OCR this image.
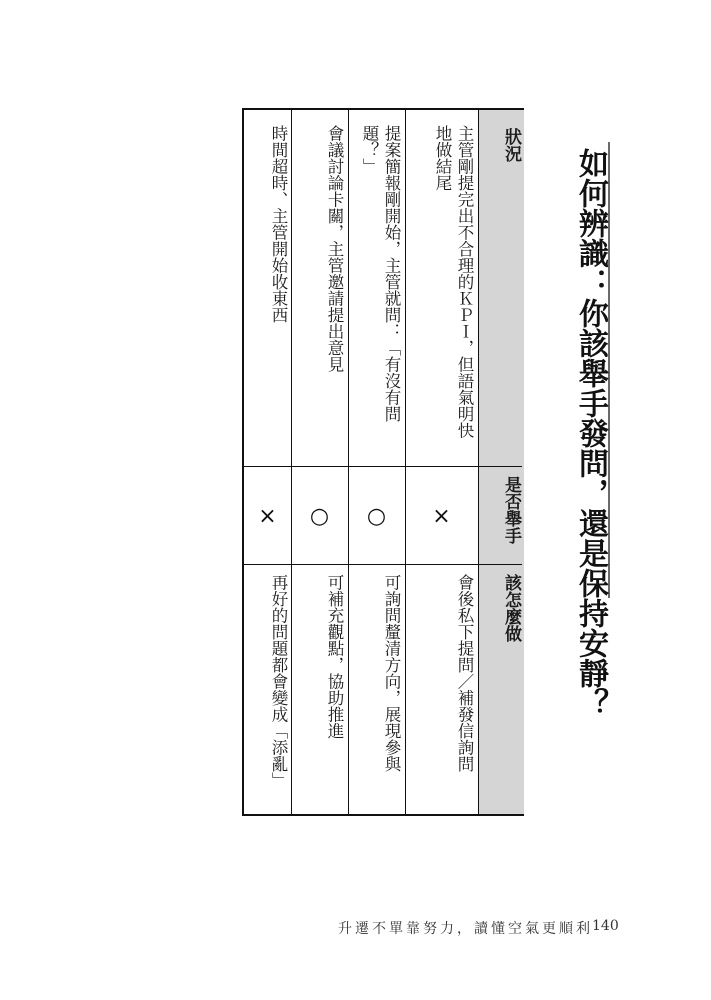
如何辨識：你該舉手發問，還是保持安靜？
狀況
是否舉手
該怎麼做
主管剛提完出不合理的ＫＰＩ，但語氣明快
地做結尾
提案簡報剛開始，主管就問：「有沒有問
題？」
會議討論卡關，主管邀請提出意見
時間超時、主管開始收東西
×
○
○
×
會後私下提問／補發信詢問
可詢問釐清方向，展現參與
可補充觀點，協助推進
再好的問題都會變成「添亂」
升遷不單靠努力，讀懂空氣更順利 140
